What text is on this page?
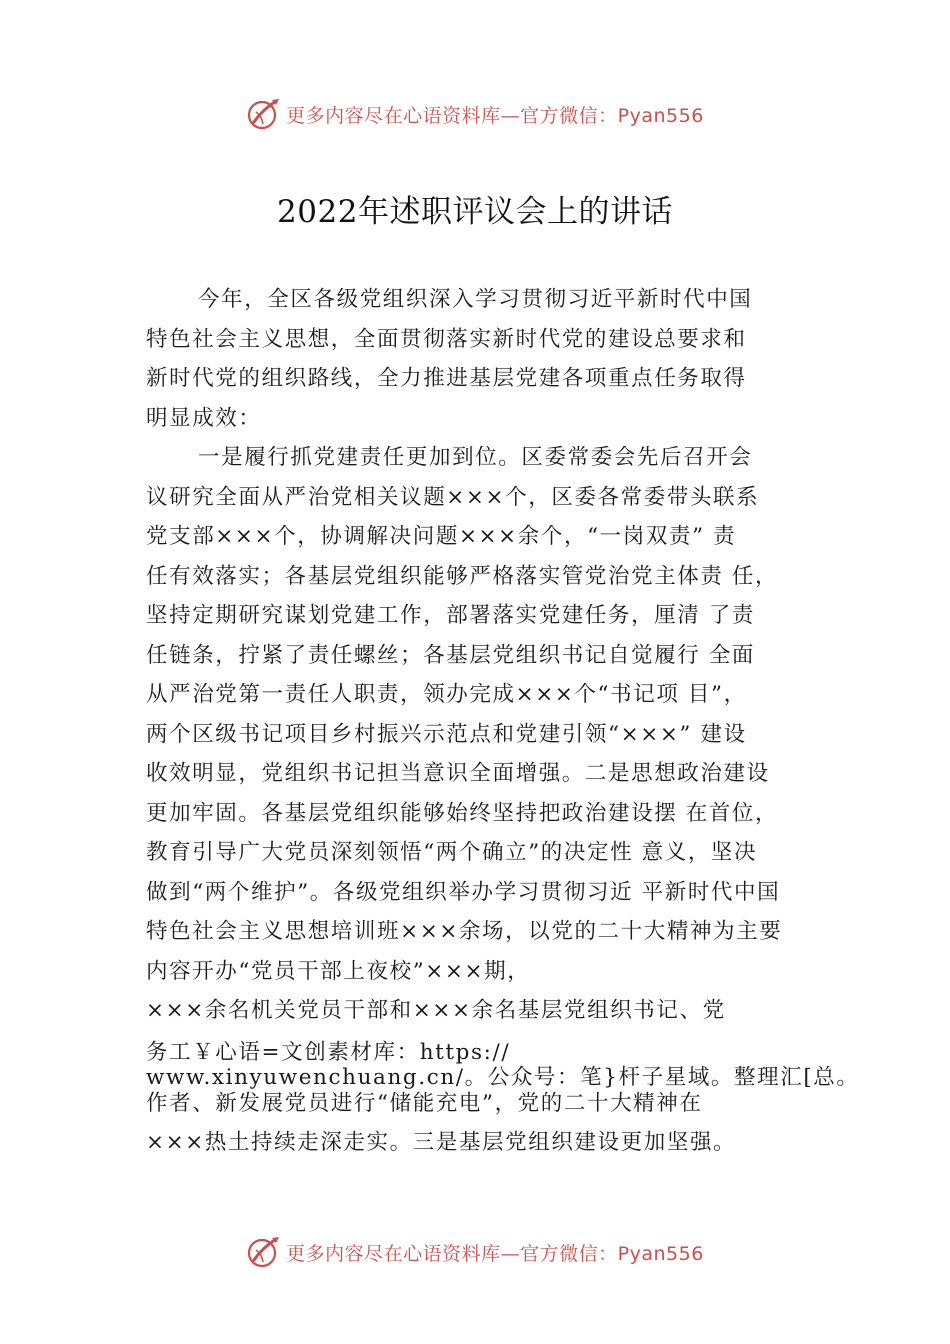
更多内容尽在心语资料库—官方微信：Pyan556
2022年述职评议会上的讲话
今年，全区各级党组织深入学习贯彻习近平新时代中国
特色社会主义思想，全面贯彻落实新时代党的建设总要求和
新时代党的组织路线，全力推进基层党建各项重点任务取得
明显成效：
一是履行抓党建责任更加到位。区委常委会先后召开会
议研究全面从严治党相关议题×××个，区委各常委带头联系
党支部×××个，协调解决问题×××余个，“一岗双责” 责
任有效落实；各基层党组织能够严格落实管党治党主体责 任，
坚持定期研究谋划党建工作，部署落实党建任务，厘清 了责
任链条，拧紧了责任螺丝；各基层党组织书记自觉履行 全面
从严治党第一责任人职责，领办完成×××个“书记项 目”，
两个区级书记项目乡村振兴示范点和党建引领“×××” 建设
收效明显，党组织书记担当意识全面增强。二是思想政治建设
更加牢固。各基层党组织能够始终坚持把政治建设摆 在首位，
教育引导广大党员深刻领悟“两个确立”的决定性 意义，坚决
做到“两个维护”。各级党组织举办学习贯彻习近 平新时代中国
特色社会主义思想培训班×××余场，以党的二十大精神为主要
内容开办“党员干部上夜校”×××期，
×××余名机关党员干部和×××余名基层党组织书记、党
务工￥心语=文创素材库：https://
www.xinyuwenchuang.cn/。公众号：笔}杆子星域。整理汇[总。
作者、新发展党员进行“储能充电”，党的二十大精神在
×××热土持续走深走实。三是基层党组织建设更加坚强。
更多内容尽在心语资料库—官方微信：Pyan556
